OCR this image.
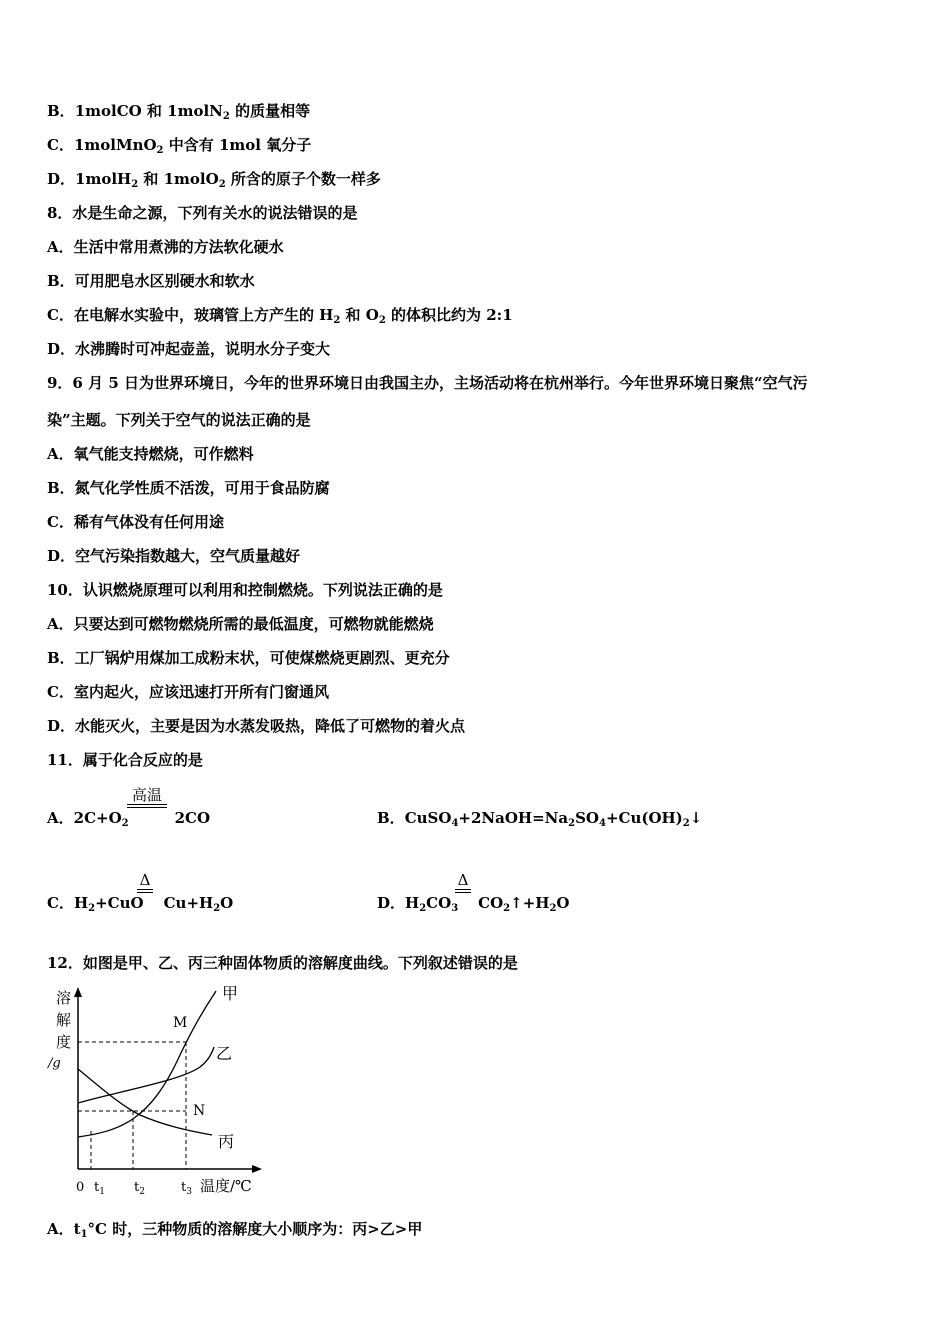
B．1molCO 和 1molN$_2$ 的质量相等
C．1molMnO$_2$ 中含有 1mol 氧分子
D．1molH$_2$ 和 1molO$_2$ 所含的原子个数一样多
8．水是生命之源，下列有关水的说法错误的是
A．生活中常用煮沸的方法软化硬水
B．可用肥皂水区别硬水和软水
C．在电解水实验中，玻璃管上方产生的 $H_2$ 和 $O_2$ 的体积比约为 2:1
D．水沸腾时可冲起壶盖，说明水分子变大
9．6 月 5 日为世界环境日，今年的世界环境日由我国主办，主场活动将在杭州举行。今年世界环境日聚焦“空气污
染”主题。下列关于空气的说法正确的是
A．氧气能支持燃烧，可作燃料
B．氮气化学性质不活泼，可用于食品防腐
C．稀有气体没有任何用途
D．空气污染指数越大，空气质量越好
10．认识燃烧原理可以利用和控制燃烧。下列说法正确的是
A．只要达到可燃物燃烧所需的最低温度，可燃物就能燃烧
B．工厂锅炉用煤加工成粉末状，可使煤燃烧更剧烈、更充分
C．室内起火，应该迅速打开所有门窗通风
D．水能灭火，主要是因为水蒸发吸热，降低了可燃物的着火点
11．属于化合反应的是
A．$2C+O_2$	2CO
高温
B．$CuSO_4+2NaOH=Na_2SO_4+Cu(OH)_2↓$
C．$H_2+CuO$ $Cu+H_2O$
Δ
D．$H_2CO_3$ $CO_2↑+H_2O$
Δ
12．如图是甲、乙、丙三种固体物质的溶解度曲线。下列叙述错误的是
溶
解
度
/g
甲
乙
丙
M
N
0 $t_1$ $t_2$	$t_3$ 温度/℃
A．$t_1^\circ C$ 时，三种物质的溶解度大小顺序为：丙>乙>甲
